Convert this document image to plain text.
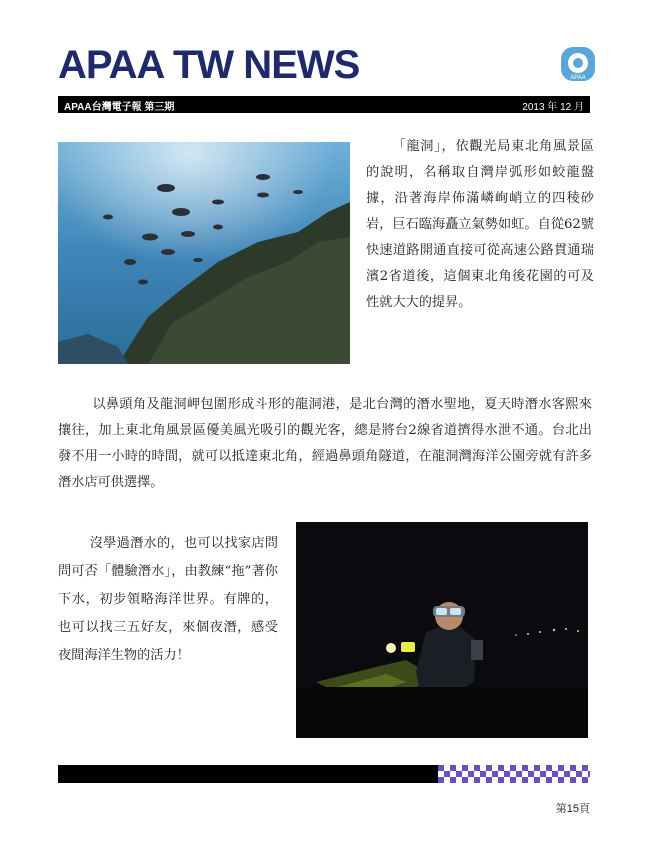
APAA TW NEWS	APAA
APAA台灣電子報 第三期	2013 年 12 月
「龍洞」，依觀光局東北角風景區的說明，名稱取自灣岸弧形如蛟龍盤據，沿著海岸佈滿嶙峋峭立的四稜砂岩，巨石臨海矗立氣勢如虹。自從62號快速道路開通直接可從高速公路貫通瑞濱2省道後，這個東北角後花園的可及性就大大的提昇。
以鼻頭角及龍洞岬包圍形成斗形的龍洞港，是北台灣的潛水聖地，夏天時潛水客熙來攘往，加上東北角風景區優美風光吸引的觀光客，總是將台2線省道擠得水泄不通。台北出發不用一小時的時間，就可以抵達東北角，經過鼻頭角隧道，在龍洞灣海洋公園旁就有許多潛水店可供選擇。
沒學過潛水的，也可以找家店問問可否「體驗潛水」，由教練“拖”著你下水，初步領略海洋世界。有牌的，也可以找三五好友，來個夜潛，感受夜間海洋生物的活力！
第15頁
